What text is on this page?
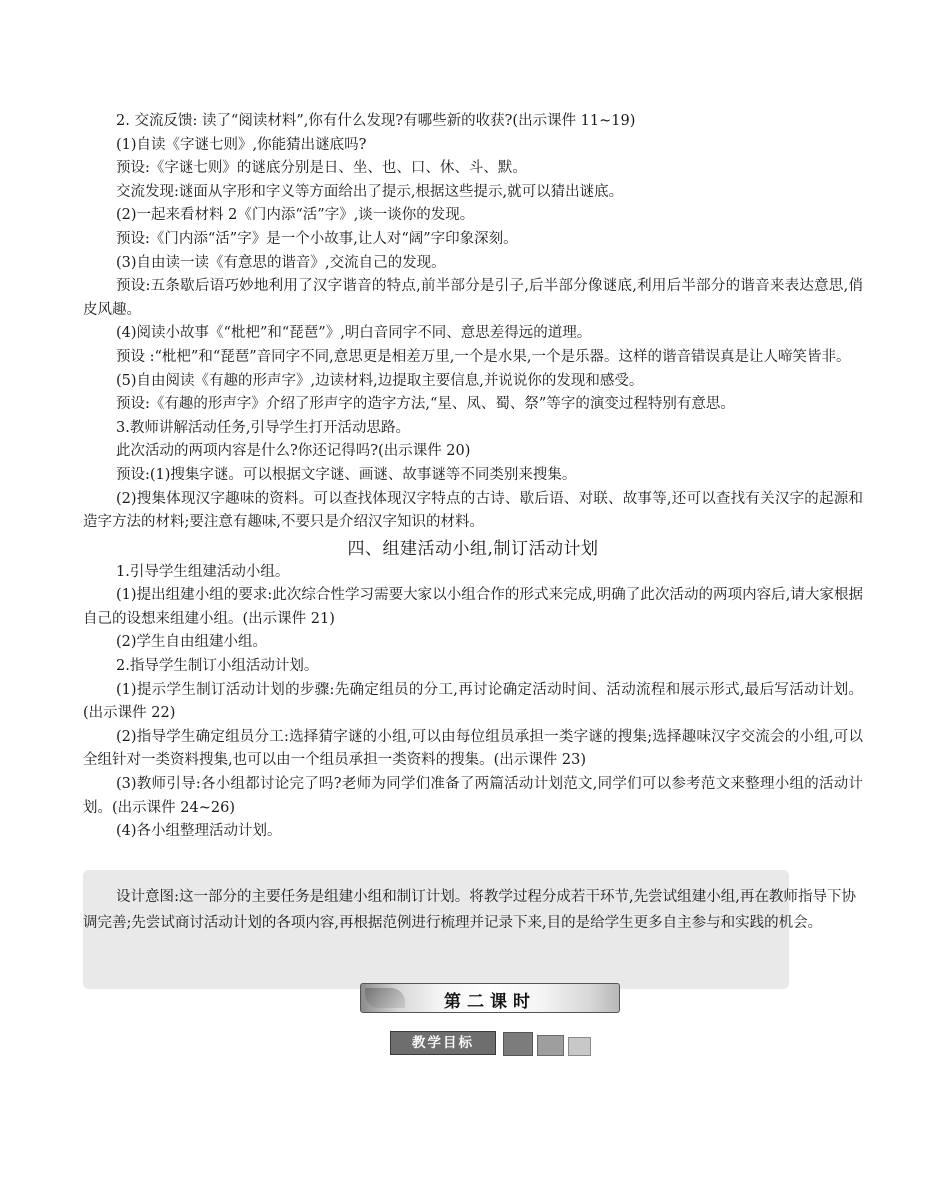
2. 交流反馈: 读了“阅读材料”,你有什么发现?有哪些新的收获?(出示课件 11~19)

(1)自读《字谜七则》,你能猜出谜底吗?

预设:《字谜七则》的谜底分别是日、坐、也、口、休、斗、默。

交流发现:谜面从字形和字义等方面给出了提示,根据这些提示,就可以猜出谜底。

(2)一起来看材料 2《门内添“活”字》,谈一谈你的发现。

预设:《门内添“活”字》是一个小故事,让人对“阔”字印象深刻。

(3)自由读一读《有意思的谐音》,交流自己的发现。

预设:五条歇后语巧妙地利用了汉字谐音的特点,前半部分是引子,后半部分像谜底,利用后半部分的谐音来表达意思,俏皮风趣。

(4)阅读小故事《“枇杷”和“琵琶”》,明白音同字不同、意思差得远的道理。

预设 :“枇杷”和“琵琶”音同字不同,意思更是相差万里,一个是水果,一个是乐器。这样的谐音错误真是让人啼笑皆非。

(5)自由阅读《有趣的形声字》,边读材料,边提取主要信息,并说说你的发现和感受。

预设:《有趣的形声字》介绍了形声字的造字方法,“星、凤、蜀、祭”等字的演变过程特别有意思。

3.教师讲解活动任务,引导学生打开活动思路。

此次活动的两项内容是什么?你还记得吗?(出示课件 20)

预设:(1)搜集字谜。可以根据文字谜、画谜、故事谜等不同类别来搜集。

(2)搜集体现汉字趣味的资料。可以查找体现汉字特点的古诗、歇后语、对联、故事等,还可以查找有关汉字的起源和造字方法的材料;要注意有趣味,不要只是介绍汉字知识的材料。

四、组建活动小组,制订活动计划

1.引导学生组建活动小组。

(1)提出组建小组的要求:此次综合性学习需要大家以小组合作的形式来完成,明确了此次活动的两项内容后,请大家根据自己的设想来组建小组。(出示课件 21)

(2)学生自由组建小组。

2.指导学生制订小组活动计划。

(1)提示学生制订活动计划的步骤:先确定组员的分工,再讨论确定活动时间、活动流程和展示形式,最后写活动计划。(出示课件 22)

(2)指导学生确定组员分工:选择猜字谜的小组,可以由每位组员承担一类字谜的搜集;选择趣味汉字交流会的小组,可以全组针对一类资料搜集,也可以由一个组员承担一类资料的搜集。(出示课件 23)

(3)教师引导:各小组都讨论完了吗?老师为同学们准备了两篇活动计划范文,同学们可以参考范文来整理小组的活动计划。(出示课件 24~26)

(4)各小组整理活动计划。

设计意图:这一部分的主要任务是组建小组和制订计划。将教学过程分成若干环节,先尝试组建小组,再在教师指导下协调完善;先尝试商讨活动计划的各项内容,再根据范例进行梳理并记录下来,目的是给学生更多自主参与和实践的机会。

第二课时
教学目标
